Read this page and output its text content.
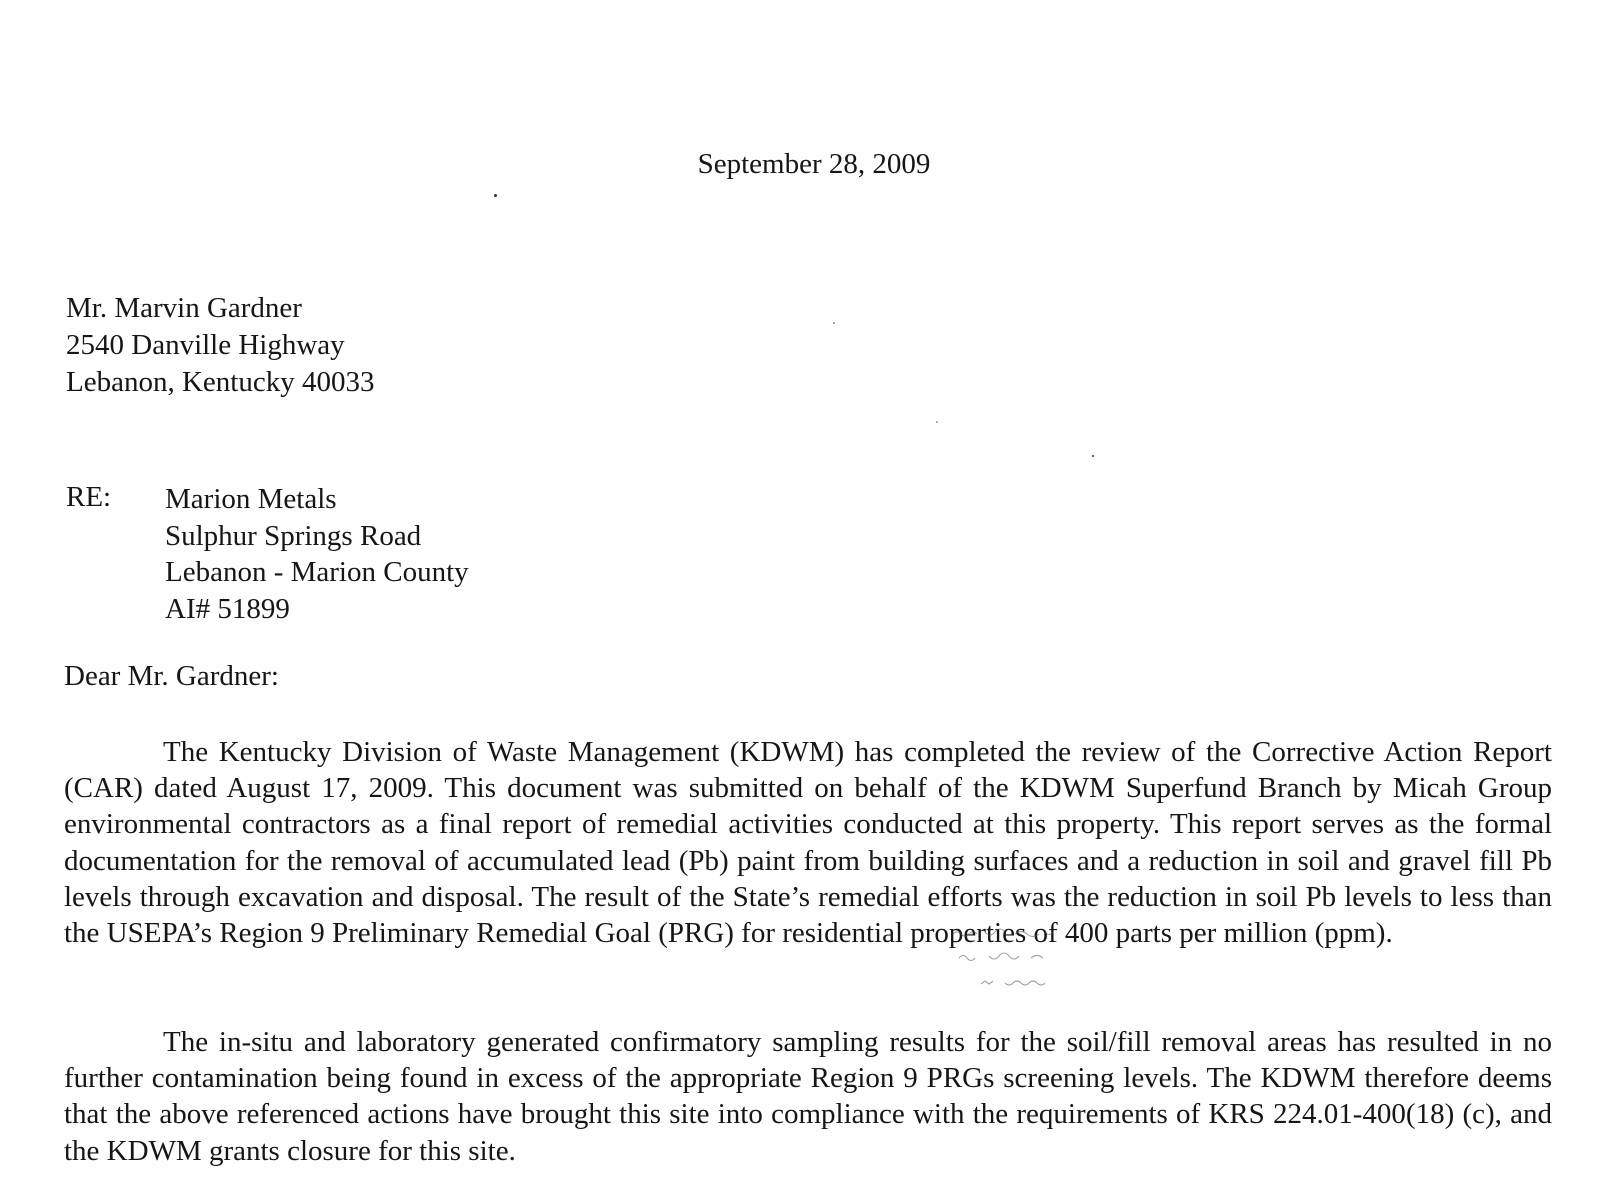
September 28, 2009
Mr. Marvin Gardner
2540 Danville Highway
Lebanon, Kentucky 40033
RE: Marion Metals
Sulphur Springs Road
Lebanon - Marion County
AI# 51899
Dear Mr. Gardner:

The Kentucky Division of Waste Management (KDWM) has completed the review of the Corrective Action Report (CAR) dated August 17, 2009. This document was submitted on behalf of the KDWM Superfund Branch by Micah Group environmental contractors as a final report of remedial activities conducted at this property. This report serves as the formal documentation for the removal of accumulated lead (Pb) paint from building surfaces and a reduction in soil and gravel fill Pb levels through excavation and disposal. The result of the State’s remedial efforts was the reduction in soil Pb levels to less than the USEPA’s Region 9 Preliminary Remedial Goal (PRG) for residential properties of 400 parts per million (ppm).

The in-situ and laboratory generated confirmatory sampling results for the soil/fill removal areas has resulted in no further contamination being found in excess of the appropriate Region 9 PRGs screening levels. The KDWM therefore deems that the above referenced actions have brought this site into compliance with the requirements of KRS 224.01-400(18) (c), and the KDWM grants closure for this site.
